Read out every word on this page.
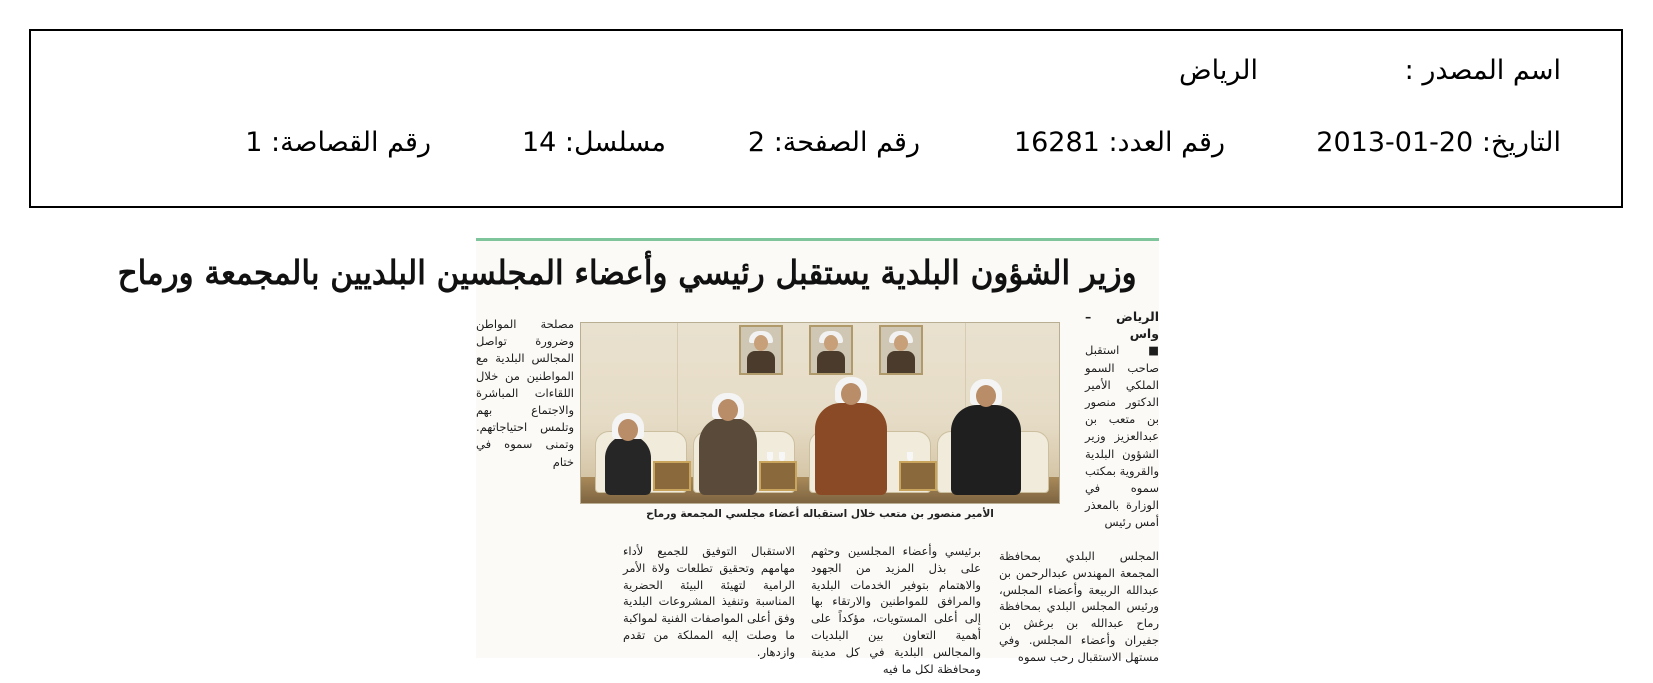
اسم المصدر :
الرياض
التاريخ: 20-01-2013
رقم العدد: 16281
رقم الصفحة: 2
مسلسل: 14
رقم القصاصة: 1
وزير الشؤون البلدية يستقبل رئيسي وأعضاء المجلسين البلديين بالمجمعة ورماح
الرياض – واس
■ استقبل صاحب السمو الملكي الأمير الدكتور منصور بن متعب بن عبدالعزيز وزير الشؤون البلدية والقروية بمكتب سموه في الوزارة بالمعذر أمس رئيس
مصلحة المواطن وضرورة تواصل المجالس البلدية مع المواطنين من خلال اللقاءات المباشرة والاجتماع بهم وتلمس احتياجاتهم. وتمنى سموه في ختام
الأمير منصور بن متعب خلال استقباله أعضاء مجلسي المجمعة ورماح
المجلس البلدي بمحافظة المجمعة المهندس عبدالرحمن بن عبدالله الربيعة وأعضاء المجلس، ورئيس المجلس البلدي بمحافظة رماح عبدالله بن برغش بن جفيران وأعضاء المجلس. وفي مستهل الاستقبال رحب سموه
برئيسي وأعضاء المجلسين وحثهم على بذل المزيد من الجهود والاهتمام بتوفير الخدمات البلدية والمرافق للمواطنين والارتقاء بها إلى أعلى المستويات، مؤكداً على أهمية التعاون بين البلديات والمجالس البلدية في كل مدينة ومحافظة لكل ما فيه
الاستقبال التوفيق للجميع لأداء مهامهم وتحقيق تطلعات ولاة الأمر الرامية لتهيئة البيئة الحضرية المناسبة وتنفيذ المشروعات البلدية وفق أعلى المواصفات الفنية لمواكبة ما وصلت إليه المملكة من تقدم وازدهار.
